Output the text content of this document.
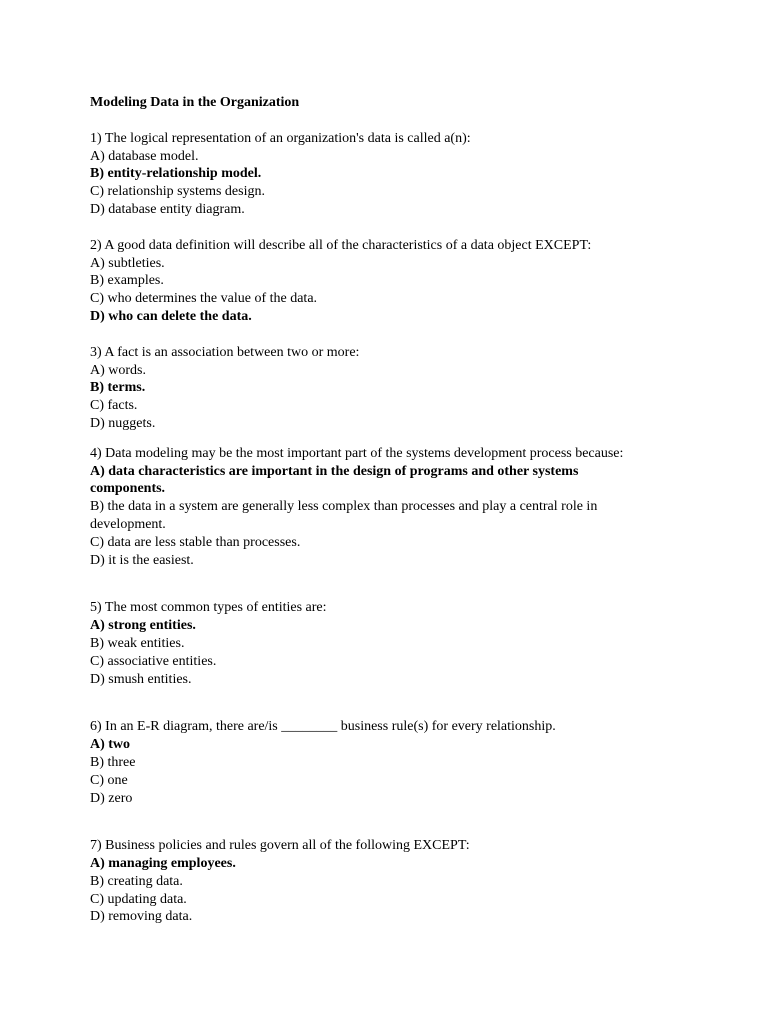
Modeling Data in the Organization

1) The logical representation of an organization's data is called a(n):

A) database model.

B) entity-relationship model.

C) relationship systems design.

D) database entity diagram.

2) A good data definition will describe all of the characteristics of a data object EXCEPT:

A) subtleties.

B) examples.

C) who determines the value of the data.

D) who can delete the data.

3) A fact is an association between two or more:

A) words.

B) terms.

C) facts.

D) nuggets.

4) Data modeling may be the most important part of the systems development process because:

A) data characteristics are important in the design of programs and other systems components.

B) the data in a system are generally less complex than processes and play a central role in development.

C) data are less stable than processes.

D) it is the easiest.

5) The most common types of entities are:

A) strong entities.

B) weak entities.

C) associative entities.

D) smush entities.

6) In an E-R diagram, there are/is ________ business rule(s) for every relationship.

A) two

B) three

C) one

D) zero

7) Business policies and rules govern all of the following EXCEPT:

A) managing employees.

B) creating data.

C) updating data.

D) removing data.
